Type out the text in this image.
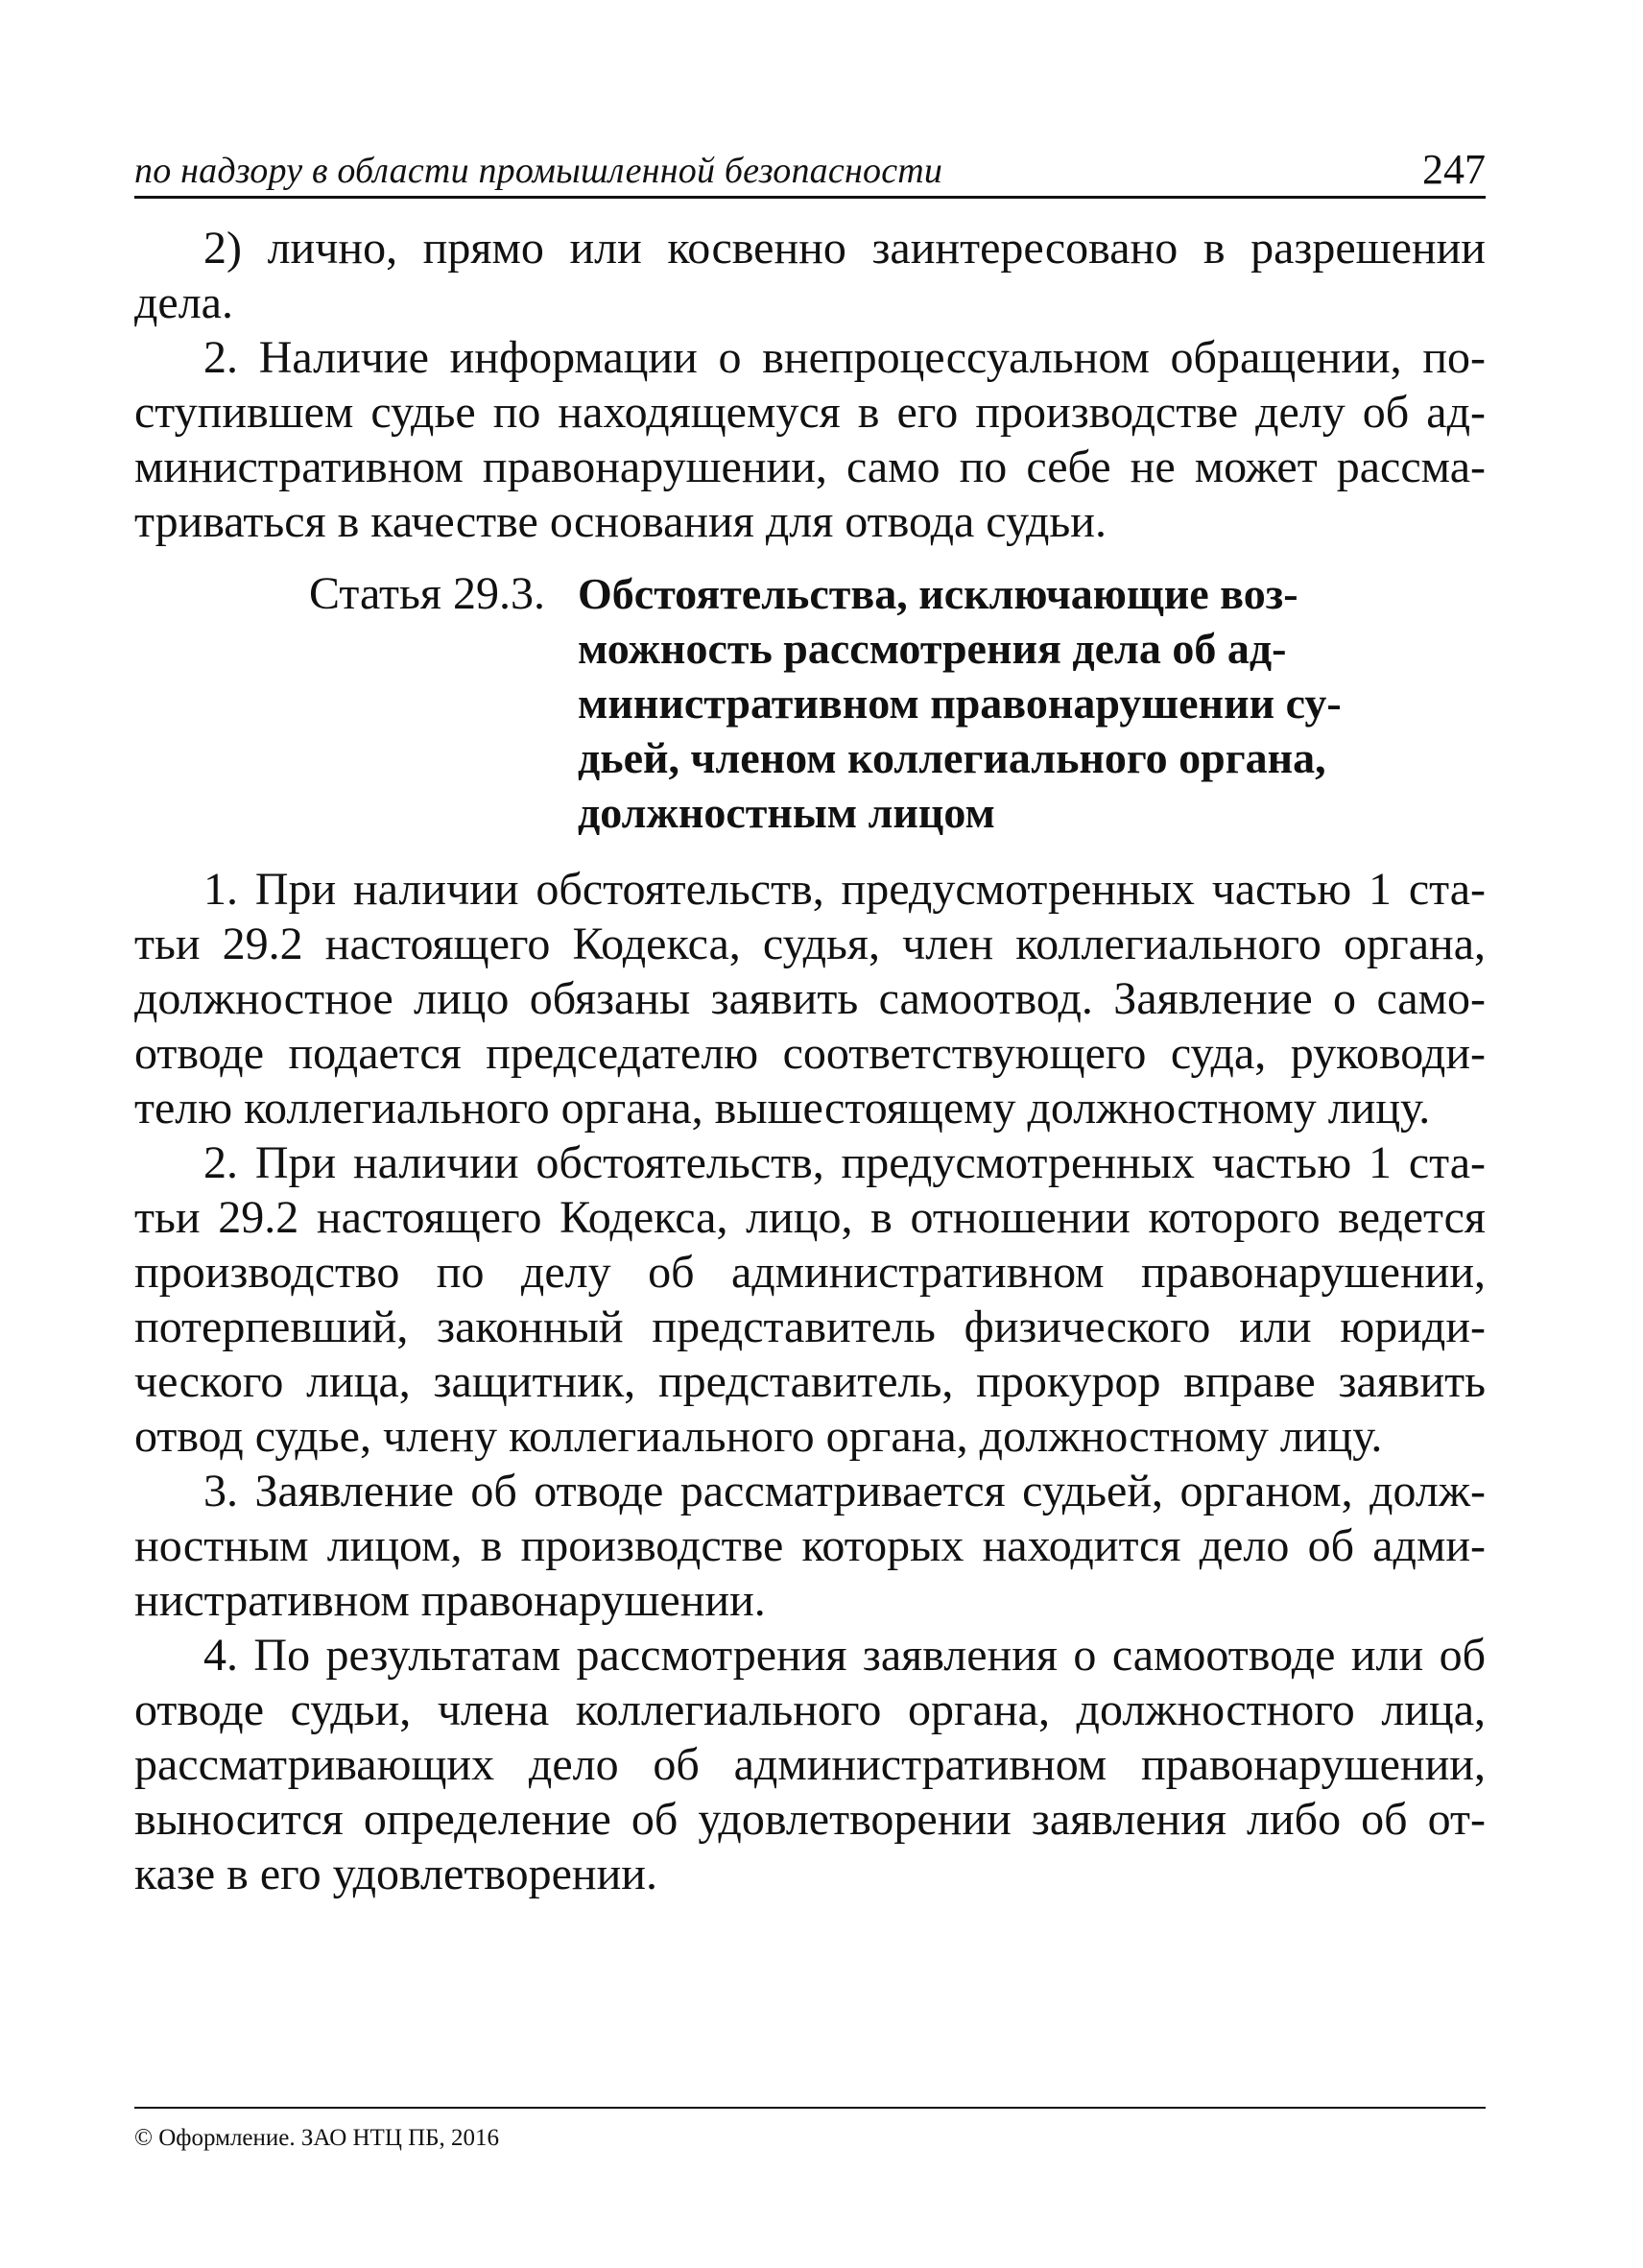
по надзору в области промышленной безопасности	247

2) лично, прямо или косвенно заинтересовано в разрешении дела.

2. Наличие информации о внепроцессуальном обращении, поступившем судье по находящемуся в его производстве делу об административном правонарушении, само по себе не может рассматриваться в качестве основания для отвода судьи.

Статья 29.3. Обстоятельства, исключающие возможность рассмотрения дела об административном правонарушении судьей, членом коллегиального органа, должностным лицом

1. При наличии обстоятельств, предусмотренных частью 1 статьи 29.2 настоящего Кодекса, судья, член коллегиального органа, должностное лицо обязаны заявить самоотвод. Заявление о самоотводе подается председателю соответствующего суда, руководителю коллегиального органа, вышестоящему должностному лицу.

2. При наличии обстоятельств, предусмотренных частью 1 статьи 29.2 настоящего Кодекса, лицо, в отношении которого ведется производство по делу об административном правонарушении, потерпевший, законный представитель физического или юридического лица, защитник, представитель, прокурор вправе заявить отвод судье, члену коллегиального органа, должностному лицу.

3. Заявление об отводе рассматривается судьей, органом, должностным лицом, в производстве которых находится дело об административном правонарушении.

4. По результатам рассмотрения заявления о самоотводе или об отводе судьи, члена коллегиального органа, должностного лица, рассматривающих дело об административном правонарушении, выносится определение об удовлетворении заявления либо об отказе в его удовлетворении.

© Оформление. ЗАО НТЦ ПБ, 2016
